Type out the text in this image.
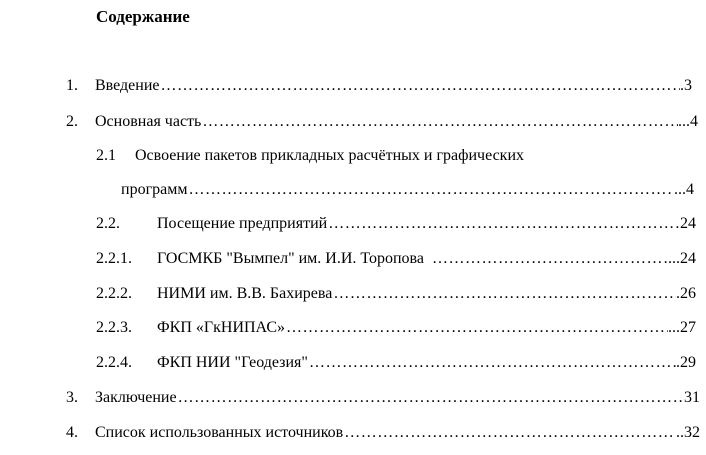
Содержание
1. Введение ……………………………………………………………………………………………………………………………………………………………………………………	.3
2. Основная часть ……………………………………………………………………………………………………………………………………………………………………………………	...4
2.1 Освоение пакетов прикладных расчётных и графических
программ ……………………………………………………………………………………………………………………………………………………………………………………	...4
2.2. Посещение предприятий ……………………………………………………………………………………………………………………………………………………………………………………	24
2.2.1. ГОСМКБ "Вымпел" им. И.И. Торопова ……………………………………………………………………………………………………………………………………………………………………………………	...24
2.2.2. НИМИ им. В.В. Бахирева ……………………………………………………………………………………………………………………………………………………………………………………	.26
2.2.3. ФКП «ГкНИПАС» ……………………………………………………………………………………………………………………………………………………………………………………	...27
2.2.4. ФКП НИИ "Геодезия" ……………………………………………………………………………………………………………………………………………………………………………………	.29
3. Заключение ……………………………………………………………………………………………………………………………………………………………………………………	31
4. Список использованных источников ……………………………………………………………………………………………………………………………………………………………………………………	..32
